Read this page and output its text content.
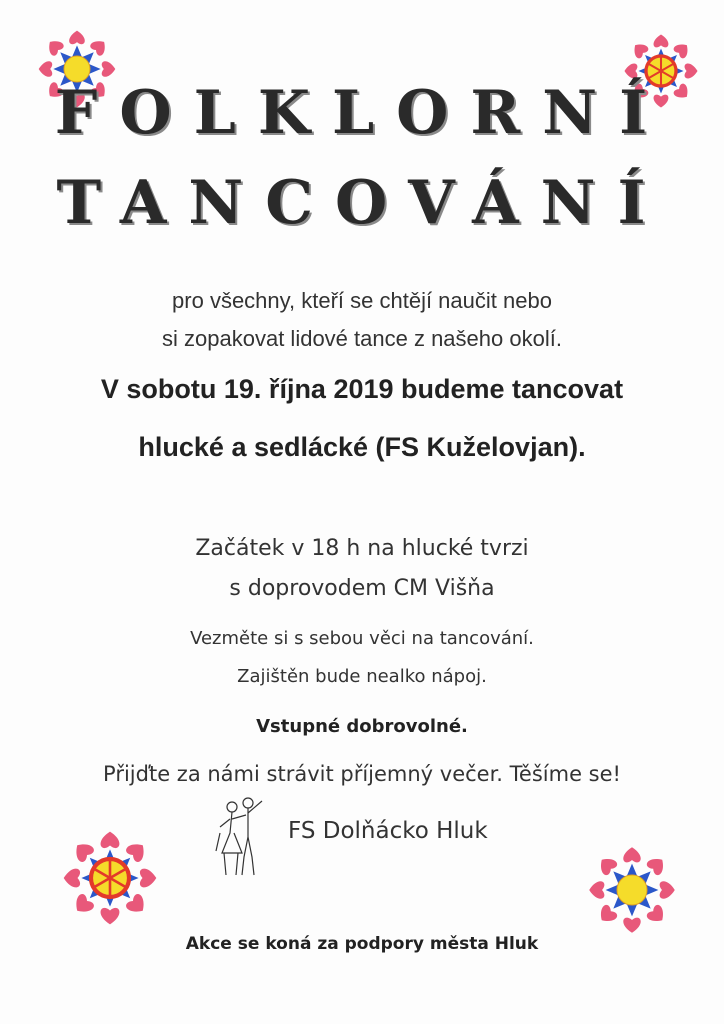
FOLKLORNÍ
TANCOVÁNÍ
pro všechny, kteří se chtějí naučit nebo
si zopakovat lidové tance z našeho okolí.
V sobotu 19. října 2019 budeme tancovat
hlucké a sedlácké (FS Kuželovjan).
Začátek v 18 h na hlucké tvrzi
s doprovodem CM Višňa
Vezměte si s sebou věci na tancování.
Zajištěn bude nealko nápoj.
Vstupné dobrovolné.
Přijďte za námi strávit příjemný večer. Těšíme se!
FS Dolňácko Hluk
Akce se koná za podpory města Hluk
